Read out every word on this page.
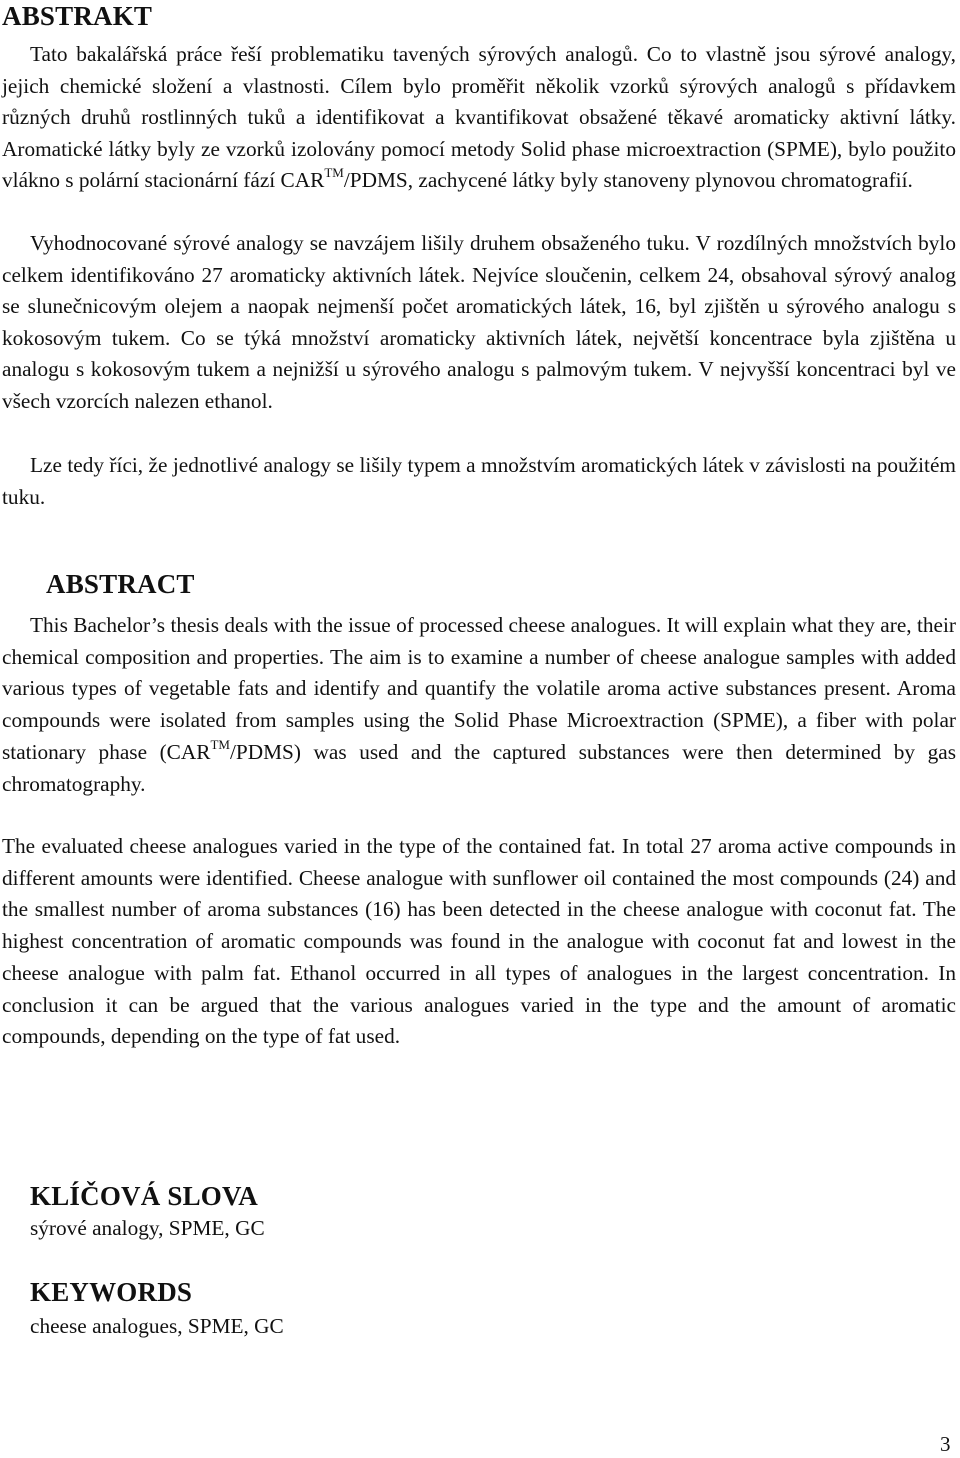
ABSTRAKT

Tato bakalářská práce řeší problematiku tavených sýrových analogů. Co to vlastně jsou sýrové analogy, jejich chemické složení a vlastnosti. Cílem bylo proměřit několik vzorků sýrových analogů s přídavkem různých druhů rostlinných tuků a identifikovat a kvantifikovat obsažené těkavé aromaticky aktivní látky. Aromatické látky byly ze vzorků izolovány pomocí metody Solid phase microextraction (SPME), bylo použito vlákno s polární stacionární fází CAR™/PDMS, zachycené látky byly stanoveny plynovou chromatografií.

Vyhodnocované sýrové analogy se navzájem lišily druhem obsaženého tuku. V rozdílných množstvích bylo celkem identifikováno 27 aromaticky aktivních látek. Nejvíce sloučenin, celkem 24, obsahoval sýrový analog se slunečnicovým olejem a naopak nejmenší počet aromatických látek, 16, byl zjištěn u sýrového analogu s kokosovým tukem. Co se týká množství aromaticky aktivních látek, největší koncentrace byla zjištěna u analogu s kokosovým tukem a nejnižší u sýrového analogu s palmovým tukem. V nejvyšší koncentraci byl ve všech vzorcích nalezen ethanol.

Lze tedy říci, že jednotlivé analogy se lišily typem a množstvím aromatických látek v závislosti na použitém tuku.

ABSTRACT

This Bachelor’s thesis deals with the issue of processed cheese analogues. It will explain what they are, their chemical composition and properties. The aim is to examine a number of cheese analogue samples with added various types of vegetable fats and identify and quantify the volatile aroma active substances present. Aroma compounds were isolated from samples using the Solid Phase Microextraction (SPME), a fiber with polar stationary phase (CAR™/PDMS) was used and the captured substances were then determined by gas chromatography.

The evaluated cheese analogues varied in the type of the contained fat. In total 27 aroma active compounds in different amounts were identified. Cheese analogue with sunflower oil contained the most compounds (24) and the smallest number of aroma substances (16) has been detected in the cheese analogue with coconut fat. The highest concentration of aromatic compounds was found in the analogue with coconut fat and lowest in the cheese analogue with palm fat. Ethanol occurred in all types of analogues in the largest concentration. In conclusion it can be argued that the various analogues varied in the type and the amount of aromatic compounds, depending on the type of fat used.

KLÍČOVÁ SLOVA

sýrové analogy, SPME, GC

KEYWORDS

cheese analogues, SPME, GC

3
